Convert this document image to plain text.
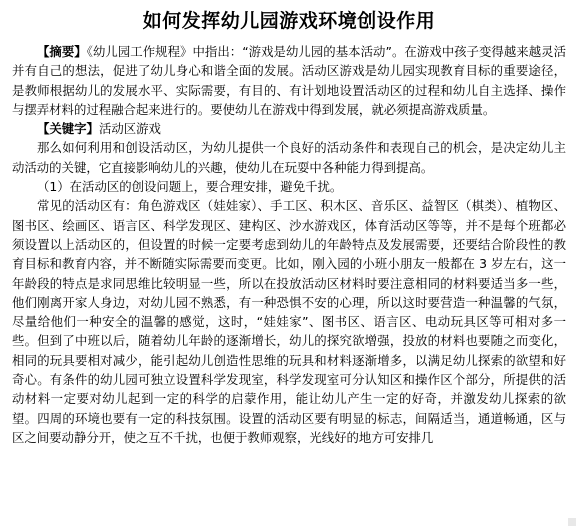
如何发挥幼儿园游戏环境创设作用

【摘要】《幼儿园工作规程》中指出：“游戏是幼儿园的基本活动”。在游戏中孩子变得越来越灵活并有自己的想法，促进了幼儿身心和谐全面的发展。活动区游戏是幼儿园实现教育目标的重要途径，是教师根据幼儿的发展水平、实际需要，有目的、有计划地设置活动区的过程和幼儿自主选择、操作与摆弄材料的过程融合起来进行的。要使幼儿在游戏中得到发展，就必须提高游戏质量。

【关键字】活动区游戏

那么如何利用和创设活动区，为幼儿提供一个良好的活动条件和表现自己的机会，是决定幼儿主动活动的关键，它直接影响幼儿的兴趣，使幼儿在玩耍中各种能力得到提高。

（1）在活动区的创设问题上，要合理安排，避免千扰。

常见的活动区有：角色游戏区（娃娃家）、手工区、积木区、音乐区、益智区（棋类）、植物区、图书区、绘画区、语言区、科学发现区、建构区、沙水游戏区，体育活动区等等，并不是每个班都必须设置以上活动区的，但设置的时候一定要考虑到幼儿的年龄特点及发展需要，还要结合阶段性的教育目标和教育内容，并不断随实际需要而变更。比如，刚入园的小班小朋友一般都在 3 岁左右，这一年龄段的特点是求同思维比较明显一些，所以在投放活动区材料时要注意相同的材料要适当多一些，他们刚离开家人身边，对幼儿园不熟悉，有一种恐惧不安的心理，所以这时要营造一种温馨的气氛，尽量给他们一种安全的温馨的感觉，这时，“娃娃家”、图书区、语言区、电动玩具区等可相对多一些。但到了中班以后，随着幼儿年龄的逐渐增长，幼儿的探究欲增强，投放的材料也要随之而变化，相同的玩具要相对减少，能引起幼儿创造性思维的玩具和材料逐渐增多，以满足幼儿探索的欲望和好奇心。有条件的幼儿园可独立设置科学发现室，科学发现室可分认知区和操作区个部分，所提供的活动材料一定要对幼儿起到一定的科学的启蒙作用，能让幼儿产生一定的好奇，并激发幼儿探索的欲望。四周的环境也要有一定的科技氛围。设置的活动区要有明显的标志，间隔适当，通道畅通，区与区之间要动静分开，使之互不千扰，也便于教师观察，光线好的地方可安排几
